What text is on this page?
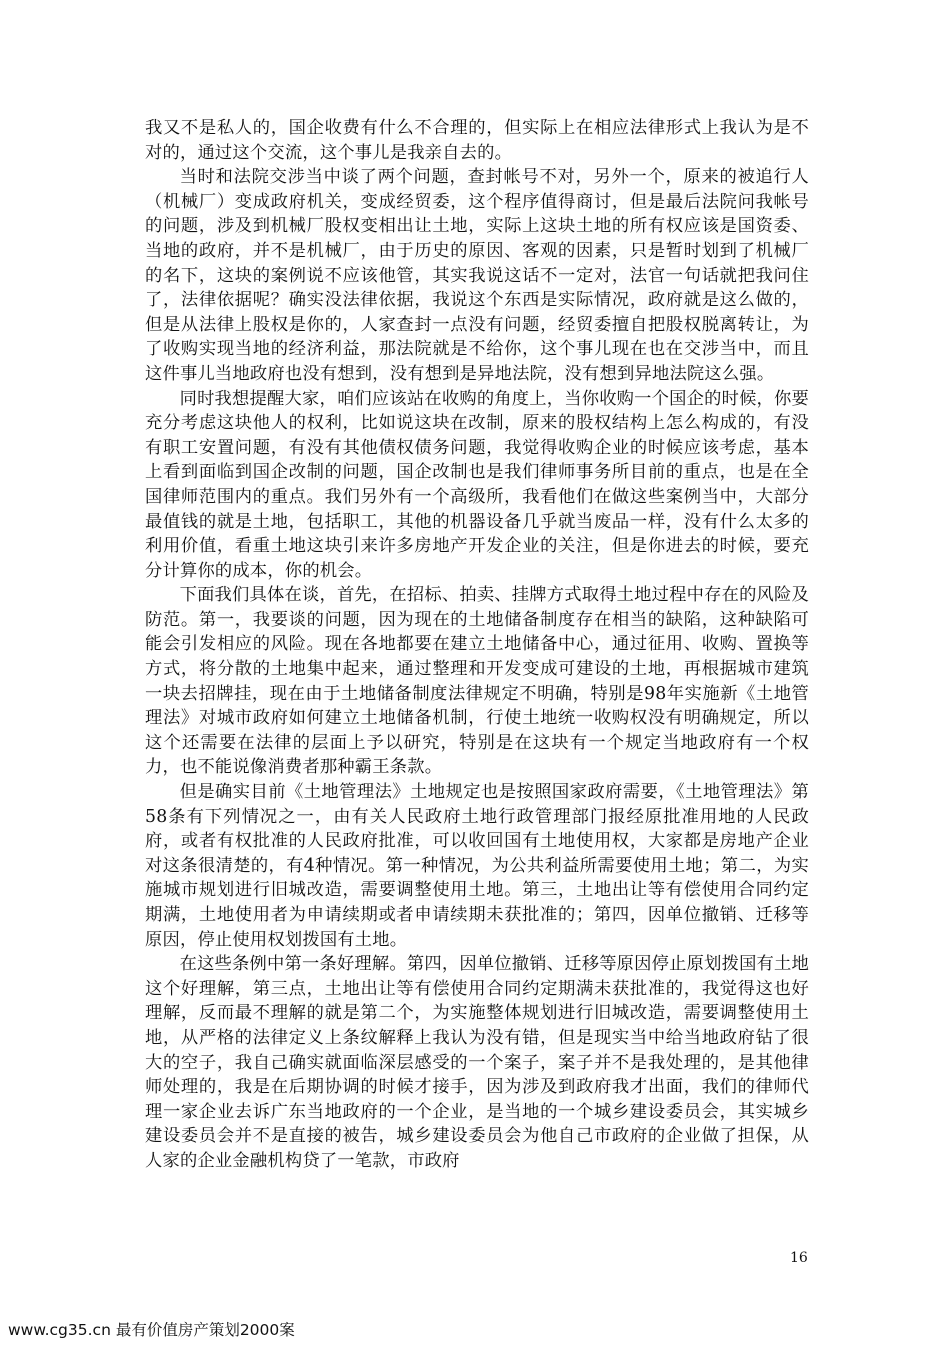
我又不是私人的，国企收费有什么不合理的，但实际上在相应法律形式上我认为是不对的，通过这个交流，这个事儿是我亲自去的。

当时和法院交涉当中谈了两个问题，查封帐号不对，另外一个，原来的被追行人（机械厂）变成政府机关，变成经贸委，这个程序值得商讨，但是最后法院问我帐号的问题，涉及到机械厂股权变相出让土地，实际上这块土地的所有权应该是国资委、当地的政府，并不是机械厂，由于历史的原因、客观的因素，只是暂时划到了机械厂的名下，这块的案例说不应该他管，其实我说这话不一定对，法官一句话就把我问住了，法律依据呢？确实没法律依据，我说这个东西是实际情况，政府就是这么做的，但是从法律上股权是你的，人家查封一点没有问题，经贸委擅自把股权脱离转让，为了收购实现当地的经济利益，那法院就是不给你，这个事儿现在也在交涉当中，而且这件事儿当地政府也没有想到，没有想到是异地法院，没有想到异地法院这么强。

同时我想提醒大家，咱们应该站在收购的角度上，当你收购一个国企的时候，你要充分考虑这块他人的权利，比如说这块在改制，原来的股权结构上怎么构成的，有没有职工安置问题，有没有其他债权债务问题，我觉得收购企业的时候应该考虑，基本上看到面临到国企改制的问题，国企改制也是我们律师事务所目前的重点，也是在全国律师范围内的重点。我们另外有一个高级所，我看他们在做这些案例当中，大部分最值钱的就是土地，包括职工，其他的机器设备几乎就当废品一样，没有什么太多的利用价值，看重土地这块引来许多房地产开发企业的关注，但是你进去的时候，要充分计算你的成本，你的机会。

下面我们具体在谈，首先，在招标、拍卖、挂牌方式取得土地过程中存在的风险及防范。第一，我要谈的问题，因为现在的土地储备制度存在相当的缺陷，这种缺陷可能会引发相应的风险。现在各地都要在建立土地储备中心，通过征用、收购、置换等方式，将分散的土地集中起来，通过整理和开发变成可建设的土地，再根据城市建筑一块去招牌挂，现在由于土地储备制度法律规定不明确，特别是98年实施新《土地管理法》对城市政府如何建立土地储备机制，行使土地统一收购权没有明确规定，所以这个还需要在法律的层面上予以研究，特别是在这块有一个规定当地政府有一个权力，也不能说像消费者那种霸王条款。

但是确实目前《土地管理法》土地规定也是按照国家政府需要，《土地管理法》第58条有下列情况之一，由有关人民政府土地行政管理部门报经原批准用地的人民政府，或者有权批准的人民政府批准，可以收回国有土地使用权，大家都是房地产企业对这条很清楚的，有4种情况。第一种情况，为公共利益所需要使用土地；第二，为实施城市规划进行旧城改造，需要调整使用土地。第三，土地出让等有偿使用合同约定期满，土地使用者为申请续期或者申请续期未获批准的；第四，因单位撤销、迁移等原因，停止使用权划拨国有土地。

在这些条例中第一条好理解。第四，因单位撤销、迁移等原因停止原划拨国有土地这个好理解，第三点，土地出让等有偿使用合同约定期满未获批准的，我觉得这也好理解，反而最不理解的就是第二个，为实施整体规划进行旧城改造，需要调整使用土地，从严格的法律定义上条纹解释上我认为没有错，但是现实当中给当地政府钻了很大的空子，我自己确实就面临深层感受的一个案子，案子并不是我处理的，是其他律师处理的，我是在后期协调的时候才接手，因为涉及到政府我才出面，我们的律师代理一家企业去诉广东当地政府的一个企业，是当地的一个城乡建设委员会，其实城乡建设委员会并不是直接的被告，城乡建设委员会为他自己市政府的企业做了担保，从人家的企业金融机构贷了一笔款，市政府

16
www.cg35.cn 最有价值房产策划2000案
